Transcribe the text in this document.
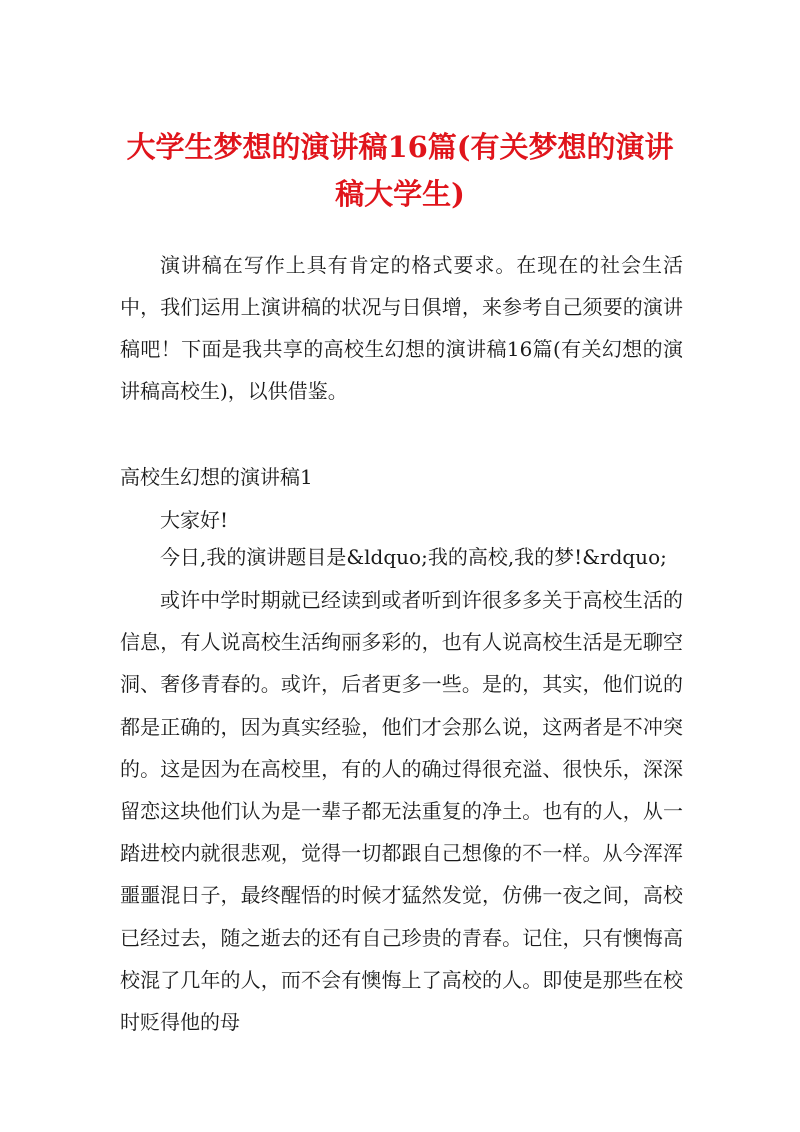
大学生梦想的演讲稿16篇(有关梦想的演讲稿大学生)

演讲稿在写作上具有肯定的格式要求。在现在的社会生活中，我们运用上演讲稿的状况与日俱增，来参考自己须要的演讲稿吧！下面是我共享的高校生幻想的演讲稿16篇(有关幻想的演讲稿高校生)，以供借鉴。

高校生幻想的演讲稿1

大家好!

今日,我的演讲题目是&ldquo;我的高校,我的梦!&rdquo;

或许中学时期就已经读到或者听到许很多多关于高校生活的信息，有人说高校生活绚丽多彩的，也有人说高校生活是无聊空洞、奢侈青春的。或许，后者更多一些。是的，其实，他们说的都是正确的，因为真实经验，他们才会那么说，这两者是不冲突的。这是因为在高校里，有的人的确过得很充溢、很快乐，深深留恋这块他们认为是一辈子都无法重复的净土。也有的人，从一踏进校内就很悲观，觉得一切都跟自己想像的不一样。从今浑浑噩噩混日子，最终醒悟的时候才猛然发觉，仿佛一夜之间，高校已经过去，随之逝去的还有自己珍贵的青春。记住，只有懊悔高校混了几年的人，而不会有懊悔上了高校的人。即使是那些在校时贬得他的母
